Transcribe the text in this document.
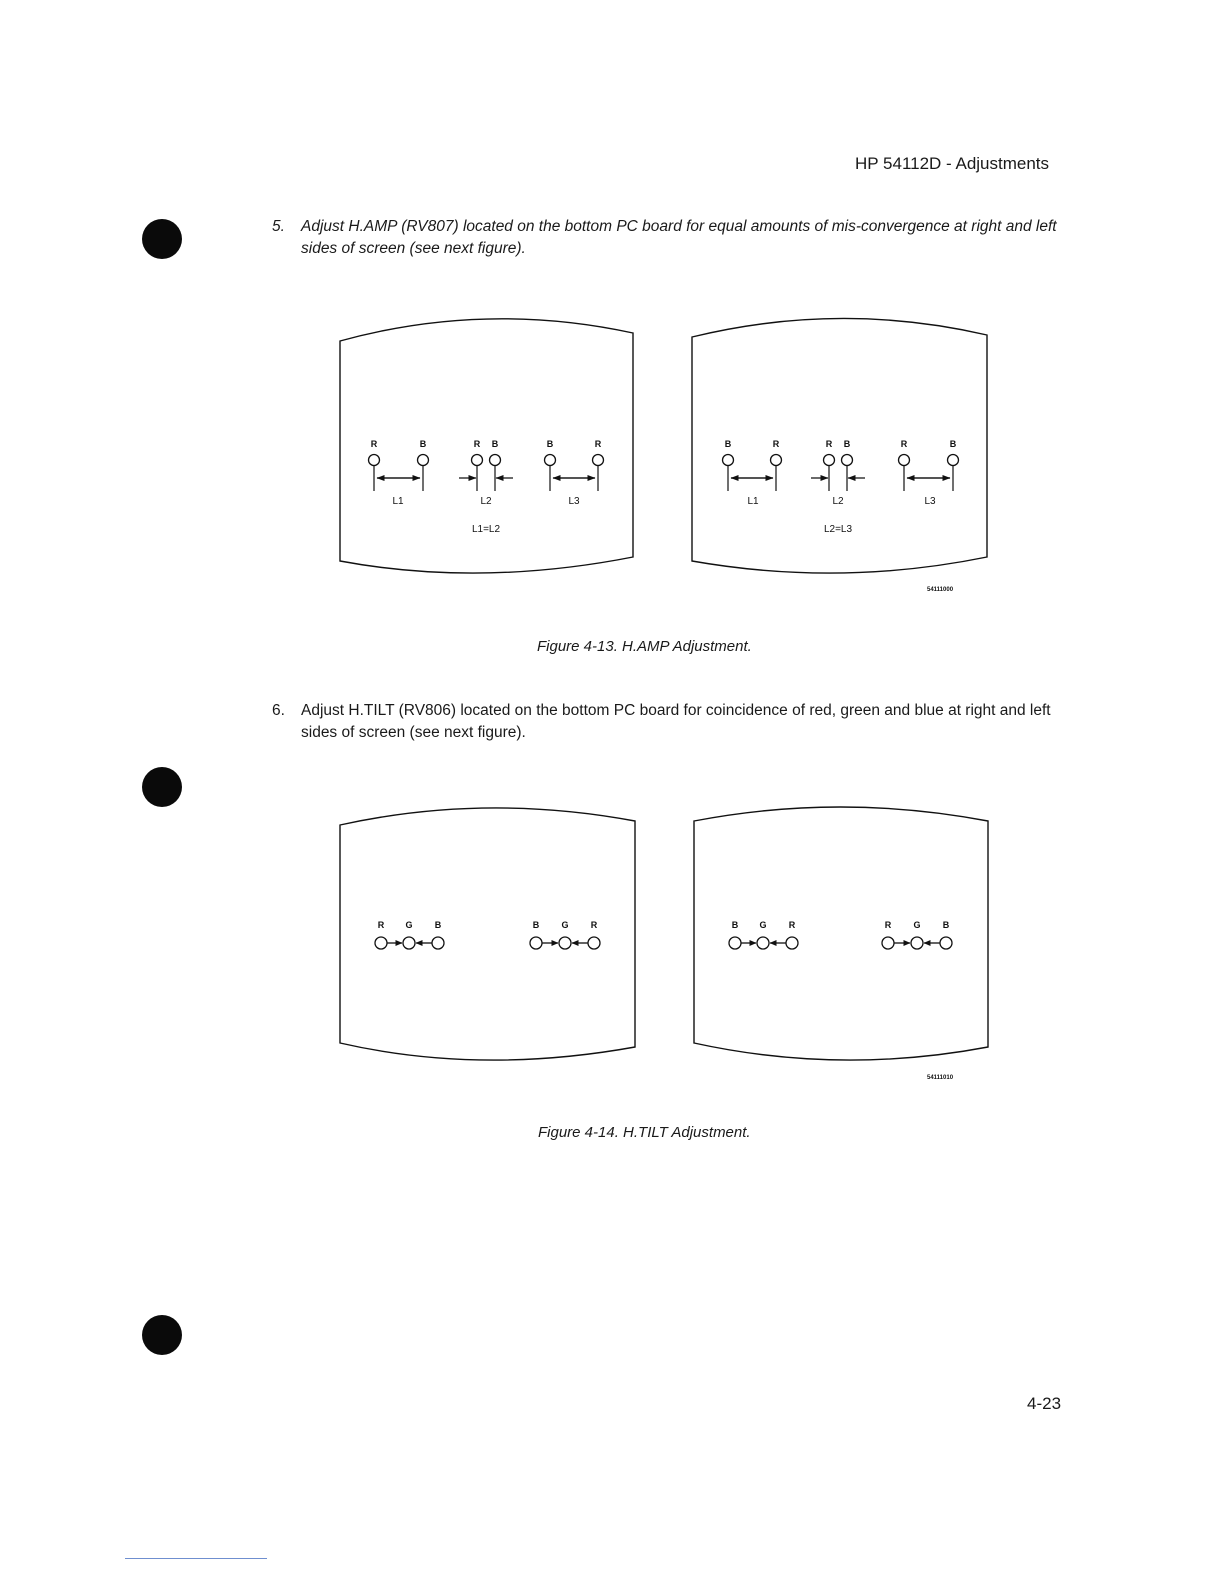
HP 54112D - Adjustments
5. Adjust H.AMP (RV807) located on the bottom PC board for equal amounts of mis-convergence at right and left sides of screen (see next figure).
R	B	R B	B	R
L1	L2	L3
L1=L2
B	R	R B	R	B
L1	L2	L3
L2=L3
54111000
Figure 4-13. H.AMP Adjustment.
6. Adjust H.TILT (RV806) located on the bottom PC board for coincidence of red, green and blue at right and left sides of screen (see next figure).
R G B	B G R	B G R	R G B
54111010
Figure 4-14. H.TILT Adjustment.
4-23
